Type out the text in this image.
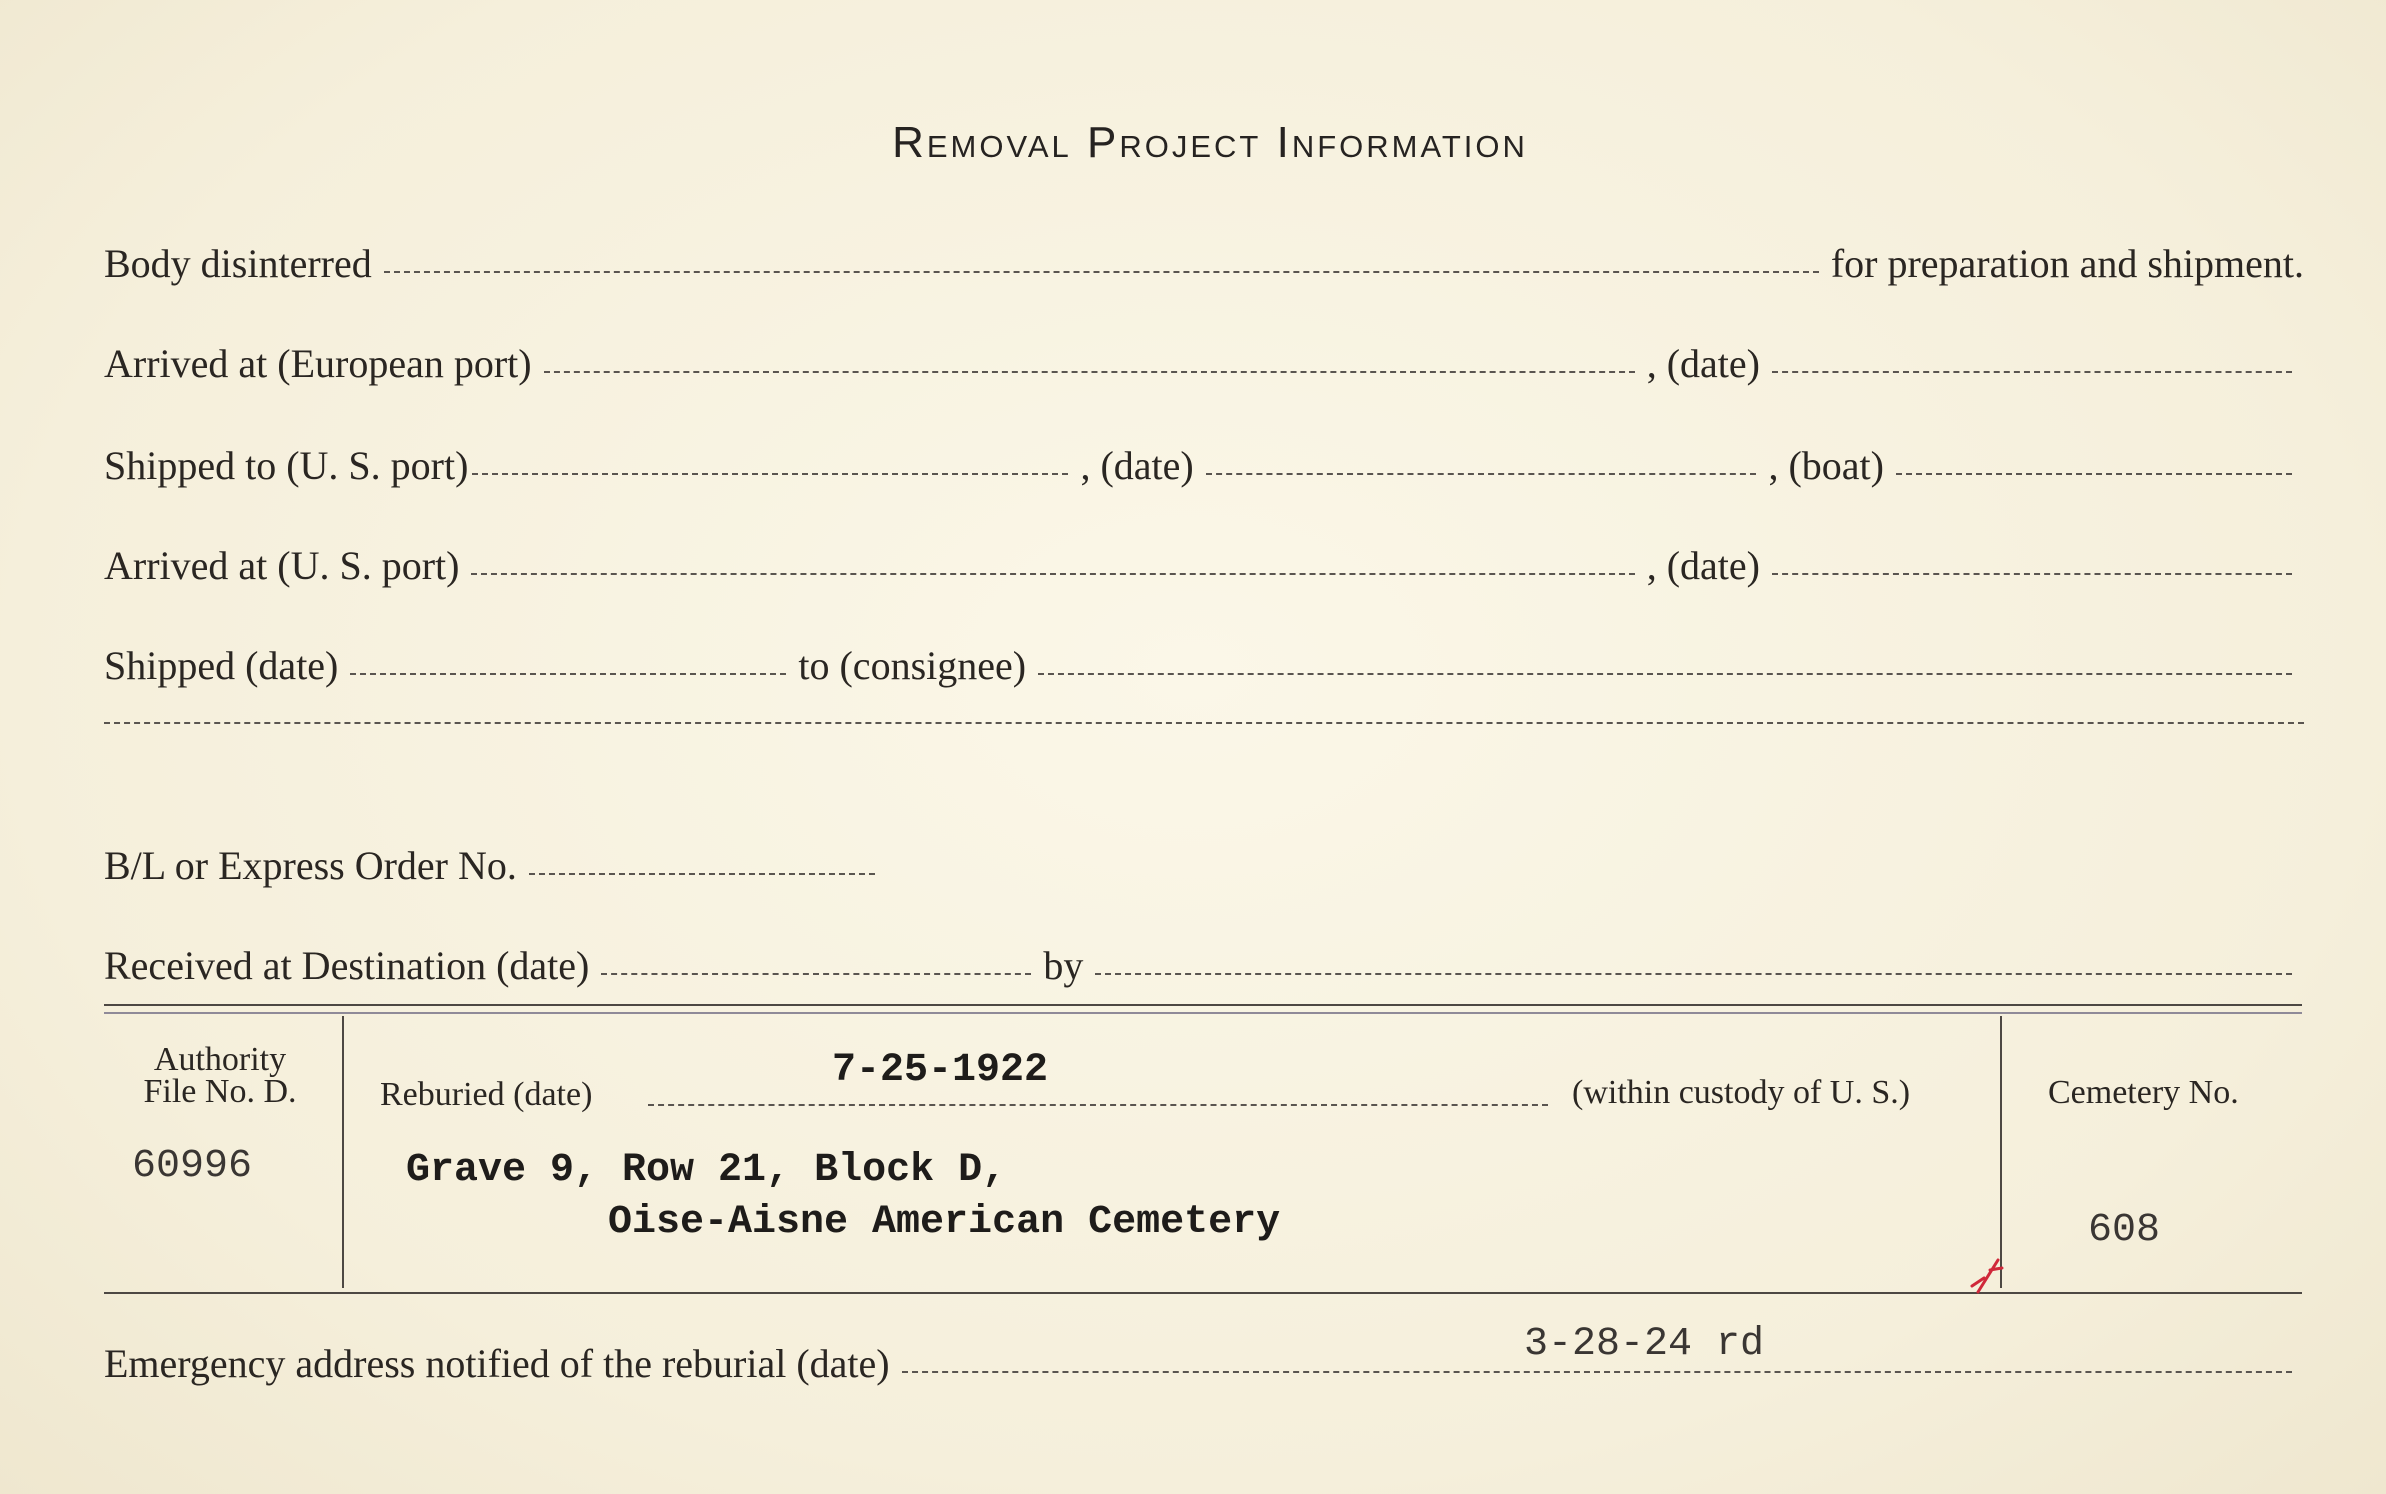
Removal Project Information
Body disinterred	for preparation and shipment.
Arrived at (European port)	, (date)
Shipped to (U. S. port)	, (date)	, (boat)
Arrived at (U. S. port)	, (date)
Shipped (date)	to (consignee)
B/L or Express Order No.
Received at Destination (date)	by
Authority
File No. D.
60996
Reburied (date)
7-25-1922	(within custody of U. S.)
Grave 9, Row 21, Block D,
Oise-Aisne American Cemetery
Cemetery No.
608
Emergency address notified of the reburial (date)	3-28-24 rd
